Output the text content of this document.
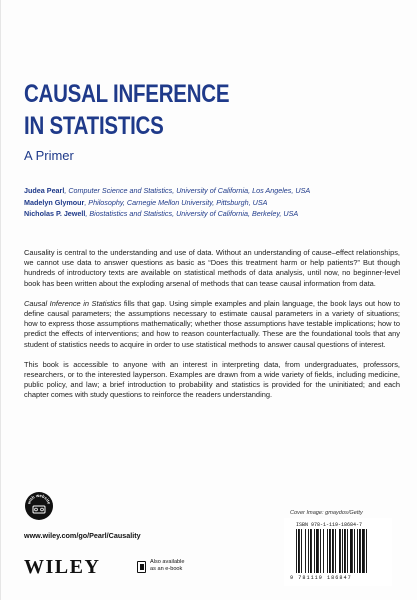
CAUSAL INFERENCE
IN STATISTICS
A Primer
Judea Pearl, Computer Science and Statistics, University of California, Los Angeles, USA
Madelyn Glymour, Philosophy, Carnegie Mellon University, Pittsburgh, USA
Nicholas P. Jewell, Biostatistics and Statistics, University of California, Berkeley, USA

Causality is central to the understanding and use of data. Without an understanding of cause–effect relationships, we cannot use data to answer questions as basic as “Does this treatment harm or help patients?” But though hundreds of introductory texts are available on statistical methods of data analysis, until now, no beginner-level book has been written about the exploding arsenal of methods that can tease causal information from data.

Causal Inference in Statistics fills that gap. Using simple examples and plain language, the book lays out how to define causal parameters; the assumptions necessary to estimate causal parameters in a variety of situations; how to express those assumptions mathematically; whether those assumptions have testable implications; how to predict the effects of interventions; and how to reason counterfactually. These are the foundational tools that any student of statistics needs to acquire in order to use statistical methods to answer causal questions of interest.

This book is accessible to anyone with an interest in interpreting data, from undergraduates, professors, researchers, or to the interested layperson. Examples are drawn from a wide variety of fields, including medicine, public policy, and law; a brief introduction to probability and statistics is provided for the uninitiated; and each chapter comes with study questions to reinforce the readers understanding.

with website
Cover Image: gmaydos/Getty
www.wiley.com/go/Pearl/Causality
WILEY	Also available
as an e-book
ISBN 978-1-119-18684-7
9 781119 186847
